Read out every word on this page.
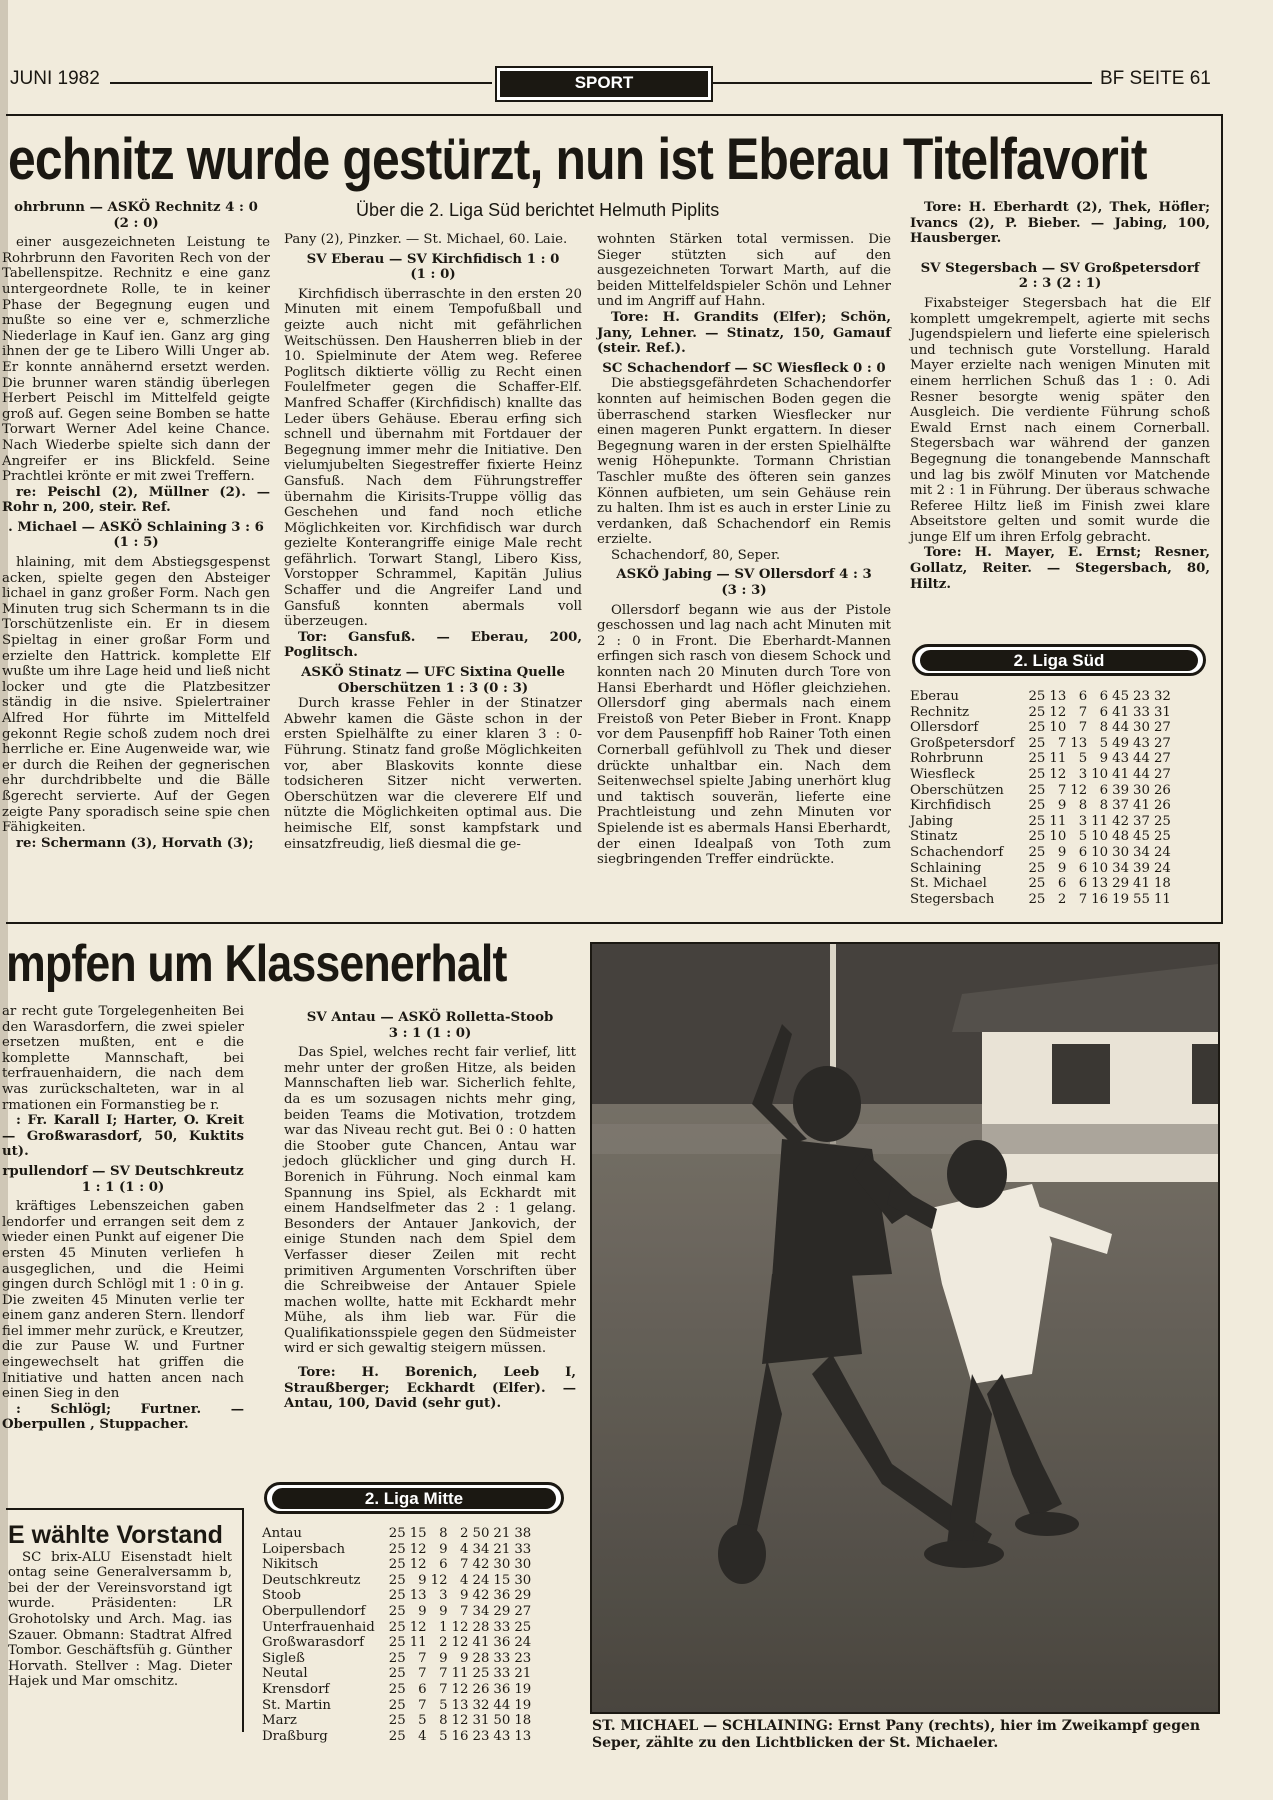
JUNI 1982	SPORT	BF SEITE 61
echnitz wurde gestürzt, nun ist Eberau Titelfavorit
Über die 2. Liga Süd berichtet Helmuth Piplits
ohrbrunn — ASKÖ Rechnitz 4 : 0
(2 : 0)

einer ausgezeichneten Leistung te Rohrbrunn den Favoriten Rech von der Tabellenspitze. Rechnitz e eine ganz untergeordnete Rolle, te in keiner Phase der Begegnung eugen und mußte so eine ver e, schmerzliche Niederlage in Kauf ien. Ganz arg ging ihnen der ge te Libero Willi Unger ab. Er konnte annähernd ersetzt werden. Die brunner waren ständig überlegen Herbert Peischl im Mittelfeld geigte groß auf. Gegen seine Bomben se hatte Torwart Werner Adel keine Chance. Nach Wiederbe spielte sich dann der Angreifer er ins Blickfeld. Seine Prachtlei krönte er mit zwei Treffern.

re: Peischl (2), Müllner (2). — Rohr n, 200, steir. Ref.

. Michael — ASKÖ Schlaining 3 : 6
(1 : 5)

hlaining, mit dem Abstiegsgespenst acken, spielte gegen den Absteiger lichael in ganz großer Form. Nach gen Minuten trug sich Schermann ts in die Torschützenliste ein. Er in diesem Spieltag in einer großar Form und erzielte den Hattrick. komplette Elf wußte um ihre Lage heid und ließ nicht locker und gte die Platzbesitzer ständig in die nsive. Spielertrainer Alfred Hor führte im Mittelfeld gekonnt Regie schoß zudem noch drei herrliche er. Eine Augenweide war, wie er durch die Reihen der gegnerischen ehr durchdribbelte und die Bälle ßgerecht servierte. Auf der Gegen zeigte Pany sporadisch seine spie chen Fähigkeiten.

re: Schermann (3), Horvath (3);

Pany (2), Pinzker. — St. Michael, 60. Laie.

SV Eberau — SV Kirchfidisch 1 : 0
(1 : 0)

Kirchfidisch überraschte in den ersten 20 Minuten mit einem Tempofußball und geizte auch nicht mit gefährlichen Weitschüssen. Den Hausherren blieb in der 10. Spielminute der Atem weg. Referee Poglitsch diktierte völlig zu Recht einen Foulelfmeter gegen die Schaffer-Elf. Manfred Schaffer (Kirchfidisch) knallte das Leder übers Gehäuse. Eberau erfing sich schnell und übernahm mit Fortdauer der Begegnung immer mehr die Initiative. Den vielumjubelten Siegestreffer fixierte Heinz Gansfuß. Nach dem Führungstreffer übernahm die Kirisits-Truppe völlig das Geschehen und fand noch etliche Möglichkeiten vor. Kirchfidisch war durch gezielte Konterangriffe einige Male recht gefährlich. Torwart Stangl, Libero Kiss, Vorstopper Schrammel, Kapitän Julius Schaffer und die Angreifer Land und Gansfuß konnten abermals voll überzeugen.

Tor: Gansfuß. — Eberau, 200, Poglitsch.

ASKÖ Stinatz — UFC Sixtina Quelle Oberschützen 1 : 3 (0 : 3)

Durch krasse Fehler in der Stinatzer Abwehr kamen die Gäste schon in der ersten Spielhälfte zu einer klaren 3 : 0-Führung. Stinatz fand große Möglichkeiten vor, aber Blaskovits konnte diese todsicheren Sitzer nicht verwerten. Oberschützen war die cleverere Elf und nützte die Möglichkeiten optimal aus. Die heimische Elf, sonst kampfstark und einsatzfreudig, ließ diesmal die ge-

wohnten Stärken total vermissen. Die Sieger stützten sich auf den ausgezeichneten Torwart Marth, auf die beiden Mittelfeldspieler Schön und Lehner und im Angriff auf Hahn.

Tore: H. Grandits (Elfer); Schön, Jany, Lehner. — Stinatz, 150, Gamauf (steir. Ref.).

SC Schachendorf — SC Wiesfleck 0 : 0

Die abstiegsgefährdeten Schachendorfer konnten auf heimischen Boden gegen die überraschend starken Wiesflecker nur einen mageren Punkt ergattern. In dieser Begegnung waren in der ersten Spielhälfte wenig Höhepunkte. Tormann Christian Taschler mußte des öfteren sein ganzes Können aufbieten, um sein Gehäuse rein zu halten. Ihm ist es auch in erster Linie zu verdanken, daß Schachendorf ein Remis erzielte.

Schachendorf, 80, Seper.

ASKÖ Jabing — SV Ollersdorf 4 : 3
(3 : 3)

Ollersdorf begann wie aus der Pistole geschossen und lag nach acht Minuten mit 2 : 0 in Front. Die Eberhardt-Mannen erfingen sich rasch von diesem Schock und konnten nach 20 Minuten durch Tore von Hansi Eberhardt und Höfler gleichziehen. Ollersdorf ging abermals nach einem Freistoß von Peter Bieber in Front. Knapp vor dem Pausenpfiff hob Rainer Toth einen Cornerball gefühlvoll zu Thek und dieser drückte unhaltbar ein. Nach dem Seitenwechsel spielte Jabing unerhört klug und taktisch souverän, lieferte eine Prachtleistung und zehn Minuten vor Spielende ist es abermals Hansi Eberhardt, der einen Idealpaß von Toth zum siegbringenden Treffer eindrückte.

Tore: H. Eberhardt (2), Thek, Höfler; Ivancs (2), P. Bieber. — Jabing, 100, Hausberger.

SV Stegersbach — SV Großpetersdorf
2 : 3 (2 : 1)

Fixabsteiger Stegersbach hat die Elf komplett umgekrempelt, agierte mit sechs Jugendspielern und lieferte eine spielerisch und technisch gute Vorstellung. Harald Mayer erzielte nach wenigen Minuten mit einem herrlichen Schuß das 1 : 0. Adi Resner besorgte wenig später den Ausgleich. Die verdiente Führung schoß Ewald Ernst nach einem Cornerball. Stegersbach war während der ganzen Begegnung die tonangebende Mannschaft und lag bis zwölf Minuten vor Matchende mit 2 : 1 in Führung. Der überaus schwache Referee Hiltz ließ im Finish zwei klare Abseitstore gelten und somit wurde die junge Elf um ihren Erfolg gebracht.

Tore: H. Mayer, E. Ernst; Resner, Gollatz, Reiter. — Stegersbach, 80, Hiltz.

2. Liga Süd
Eberau	25	13	6	6	45	23	32
Rechnitz	25	12	7	6	41	33	31
Ollersdorf	25	10	7	8	44	30	27
Großpetersdorf	25	7	13	5	49	43	27
Rohrbrunn	25	11	5	9	43	44	27
Wiesfleck	25	12	3	10	41	44	27
Oberschützen	25	7	12	6	39	30	26
Kirchfidisch	25	9	8	8	37	41	26
Jabing	25	11	3	11	42	37	25
Stinatz	25	10	5	10	48	45	25
Schachendorf	25	9	6	10	30	34	24
Schlaining	25	9	6	10	34	39	24
St. Michael	25	6	6	13	29	41	18
Stegersbach	25	2	7	16	19	55	11
mpfen um Klassenerhalt

ar recht gute Torgelegenheiten Bei den Warasdorfern, die zwei spieler ersetzen mußten, ent e die komplette Mannschaft, bei terfrauenhaidern, die nach dem was zurückschalteten, war in al rmationen ein Formanstieg be r.

: Fr. Karall I; Harter, O. Kreit — Großwarasdorf, 50, Kuktits ut).

rpullendorf — SV Deutschkreutz
1 : 1 (1 : 0)

kräftiges Lebenszeichen gaben lendorfer und errangen seit dem z wieder einen Punkt auf eigener Die ersten 45 Minuten verliefen h ausgeglichen, und die Heimi gingen durch Schlögl mit 1 : 0 in g. Die zweiten 45 Minuten verlie ter einem ganz anderen Stern. llendorf fiel immer mehr zurück, e Kreutzer, die zur Pause W. und Furtner eingewechselt hat griffen die Initiative und hatten ancen nach einen Sieg in den

: Schlögl; Furtner. — Oberpullen , Stuppacher.

E wählte Vorstand

SC brix-ALU Eisenstadt hielt ontag seine Generalversamm b, bei der der Vereinsvorstand igt wurde. Präsidenten: LR Grohotolsky und Arch. Mag. ias Szauer. Obmann: Stadtrat Alfred Tombor. Geschäftsfüh g. Günther Horvath. Stellver : Mag. Dieter Hajek und Mar omschitz.

SV Antau — ASKÖ Rolletta-Stoob
3 : 1 (1 : 0)

Das Spiel, welches recht fair verlief, litt mehr unter der großen Hitze, als beiden Mannschaften lieb war. Sicherlich fehlte, da es um sozusagen nichts mehr ging, beiden Teams die Motivation, trotzdem war das Niveau recht gut. Bei 0 : 0 hatten die Stoober gute Chancen, Antau war jedoch glücklicher und ging durch H. Borenich in Führung. Noch einmal kam Spannung ins Spiel, als Eckhardt mit einem Handselfmeter das 2 : 1 gelang. Besonders der Antauer Jankovich, der einige Stunden nach dem Spiel dem Verfasser dieser Zeilen mit recht primitiven Argumenten Vorschriften über die Schreibweise der Antauer Spiele machen wollte, hatte mit Eckhardt mehr Mühe, als ihm lieb war. Für die Qualifikationsspiele gegen den Südmeister wird er sich gewaltig steigern müssen.

Tore: H. Borenich, Leeb I, Straußberger; Eckhardt (Elfer). — Antau, 100, David (sehr gut).

2. Liga Mitte
Antau	25	15	8	2	50	21	38
Loipersbach	25	12	9	4	34	21	33
Nikitsch	25	12	6	7	42	30	30
Deutschkreutz	25	9	12	4	24	15	30
Stoob	25	13	3	9	42	36	29
Oberpullendorf	25	9	9	7	34	29	27
Unterfrauenhaid	25	12	1	12	28	33	25
Großwarasdorf	25	11	2	12	41	36	24
Sigleß	25	7	9	9	28	33	23
Neutal	25	7	7	11	25	33	21
Krensdorf	25	6	7	12	26	36	19
St. Martin	25	7	5	13	32	44	19
Marz	25	5	8	12	31	50	18
Draßburg	25	4	5	16	23	43	13
ST. MICHAEL — SCHLAINING: Ernst Pany (rechts), hier im Zweikampf gegen Seper, zählte zu den Lichtblicken der St. Michaeler.
